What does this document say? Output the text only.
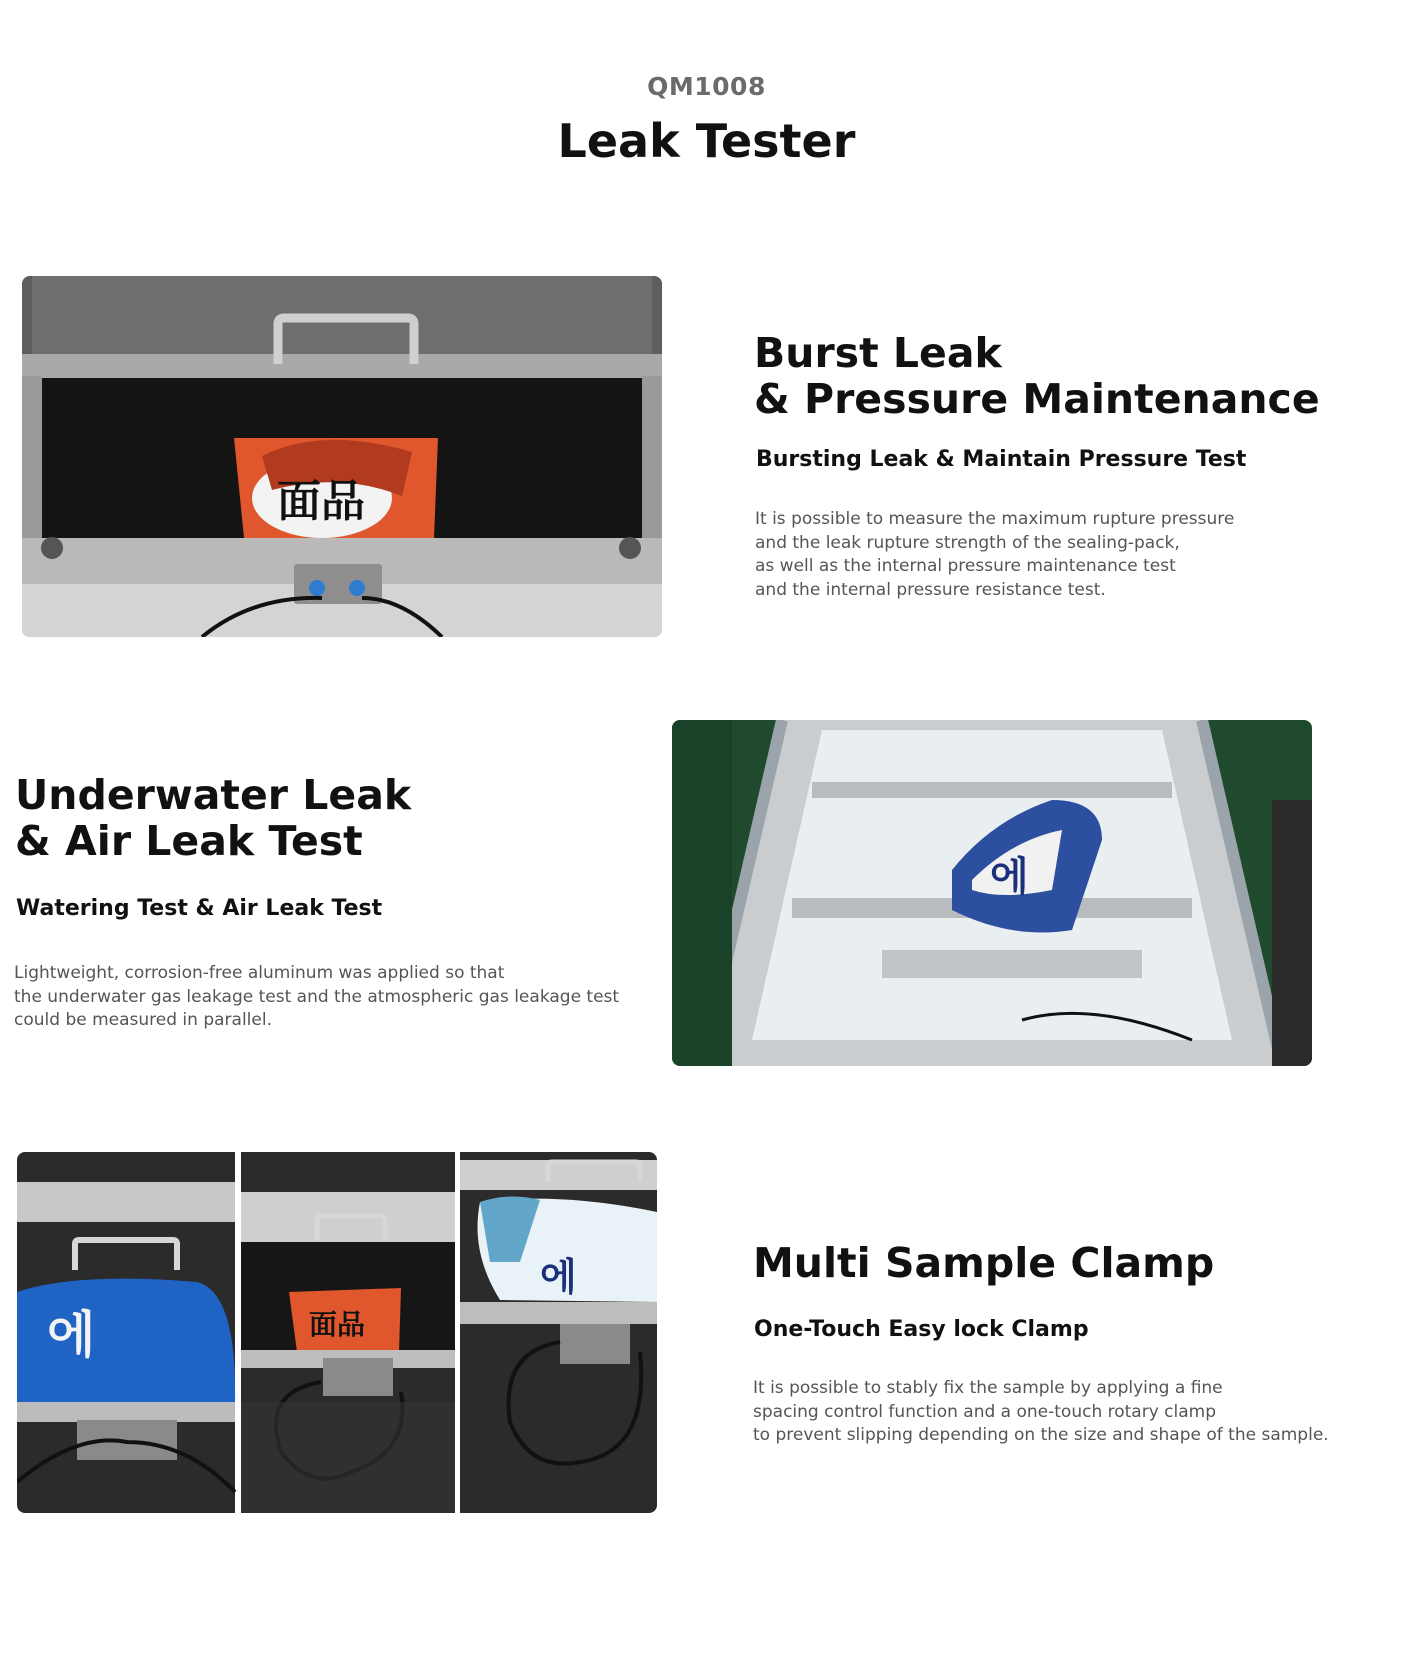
QM1008
Leak Tester
面品
Burst Leak
& Pressure Maintenance
Bursting Leak & Maintain Pressure Test
It is possible to measure the maximum rupture pressure
and the leak rupture strength of the sealing-pack,
as well as the internal pressure maintenance test
and the internal pressure resistance test.
Underwater Leak
& Air Leak Test
Watering Test & Air Leak Test
Lightweight, corrosion-free aluminum was applied so that
the underwater gas leakage test and the atmospheric gas leakage test
could be measured in parallel.
에
에	面品
에	Multi Sample Clamp
One-Touch Easy lock Clamp
It is possible to stably fix the sample by applying a fine
spacing control function and a one-touch rotary clamp
to prevent slipping depending on the size and shape of the sample.
